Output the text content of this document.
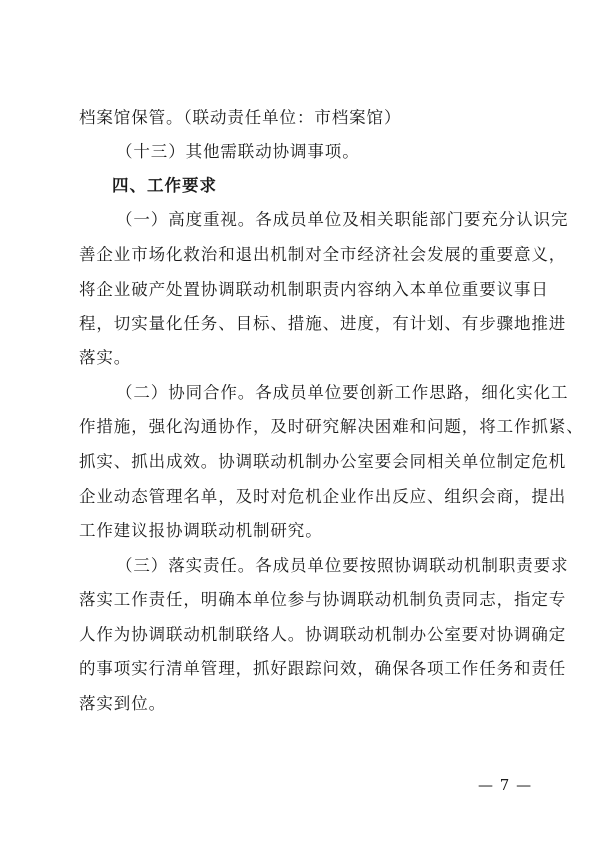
档案馆保管。（联动责任单位：市档案馆）
（十三）其他需联动协调事项。
四、工作要求
（一）高度重视。各成员单位及相关职能部门要充分认识完
善企业市场化救治和退出机制对全市经济社会发展的重要意义，
将企业破产处置协调联动机制职责内容纳入本单位重要议事日
程，切实量化任务、目标、措施、进度，有计划、有步骤地推进
落实。
（二）协同合作。各成员单位要创新工作思路，细化实化工
作措施，强化沟通协作，及时研究解决困难和问题，将工作抓紧、
抓实、抓出成效。协调联动机制办公室要会同相关单位制定危机
企业动态管理名单，及时对危机企业作出反应、组织会商，提出
工作建议报协调联动机制研究。
（三）落实责任。各成员单位要按照协调联动机制职责要求
落实工作责任，明确本单位参与协调联动机制负责同志，指定专
人作为协调联动机制联络人。协调联动机制办公室要对协调确定
的事项实行清单管理，抓好跟踪问效，确保各项工作任务和责任
落实到位。
— 7 —
